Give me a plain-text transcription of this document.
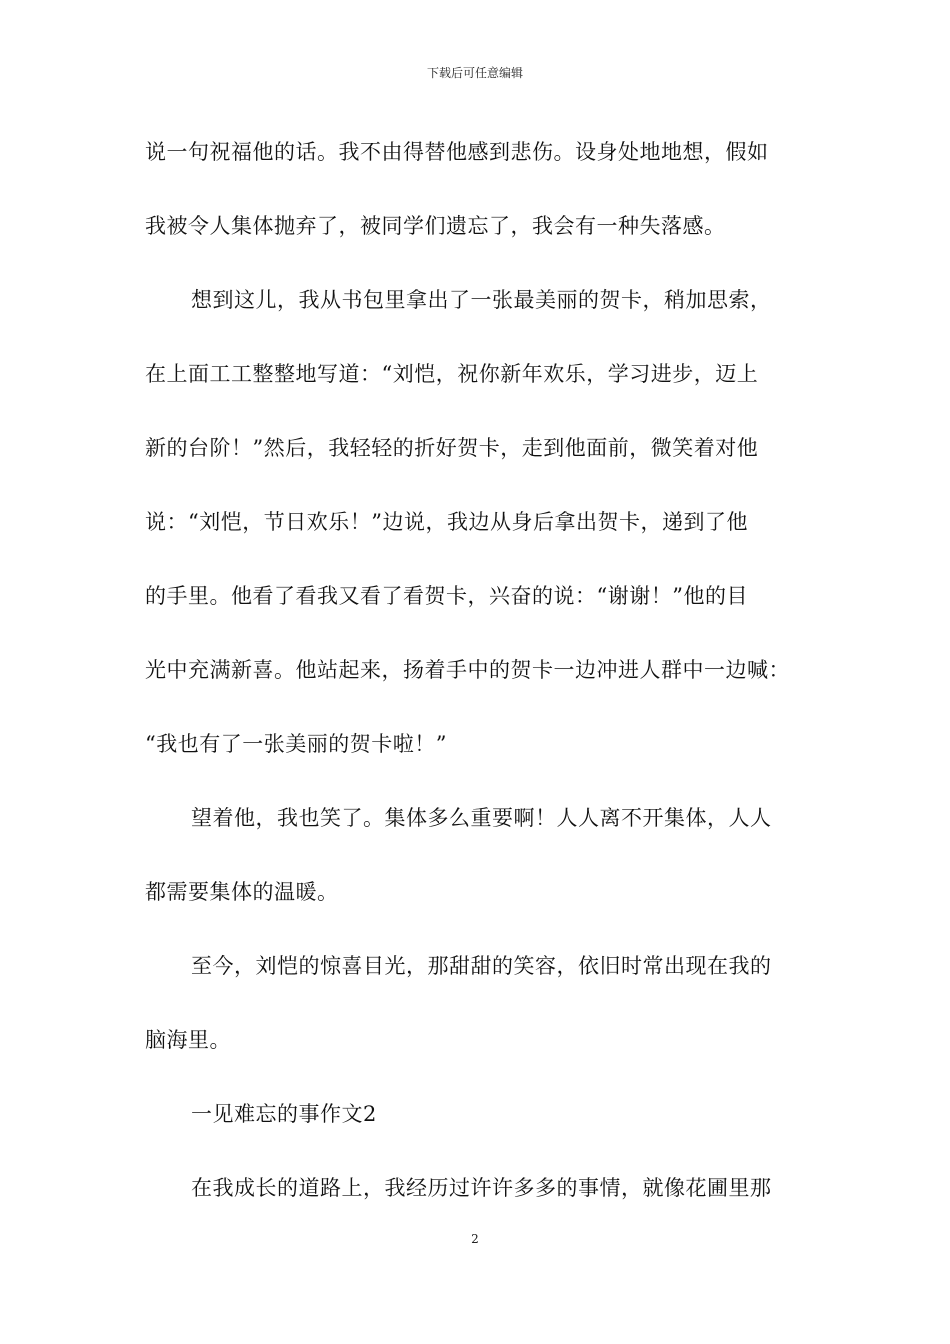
下载后可任意编辑
说一句祝福他的话。我不由得替他感到悲伤。设身处地地想，假如
我被令人集体抛弃了，被同学们遗忘了，我会有一种失落感。
想到这儿，我从书包里拿出了一张最美丽的贺卡，稍加思索，
在上面工工整整地写道：“刘恺，祝你新年欢乐，学习进步，迈上
新的台阶！”然后，我轻轻的折好贺卡，走到他面前，微笑着对他
说：“刘恺，节日欢乐！”边说，我边从身后拿出贺卡，递到了他
的手里。他看了看我又看了看贺卡，兴奋的说：“谢谢！”他的目
光中充满新喜。他站起来，扬着手中的贺卡一边冲进人群中一边喊：
“我也有了一张美丽的贺卡啦！”
望着他，我也笑了。集体多么重要啊！人人离不开集体，人人
都需要集体的温暖。
至今，刘恺的惊喜目光，那甜甜的笑容，依旧时常出现在我的
脑海里。
一见难忘的事作文2
在我成长的道路上，我经历过许许多多的事情，就像花圃里那
2
